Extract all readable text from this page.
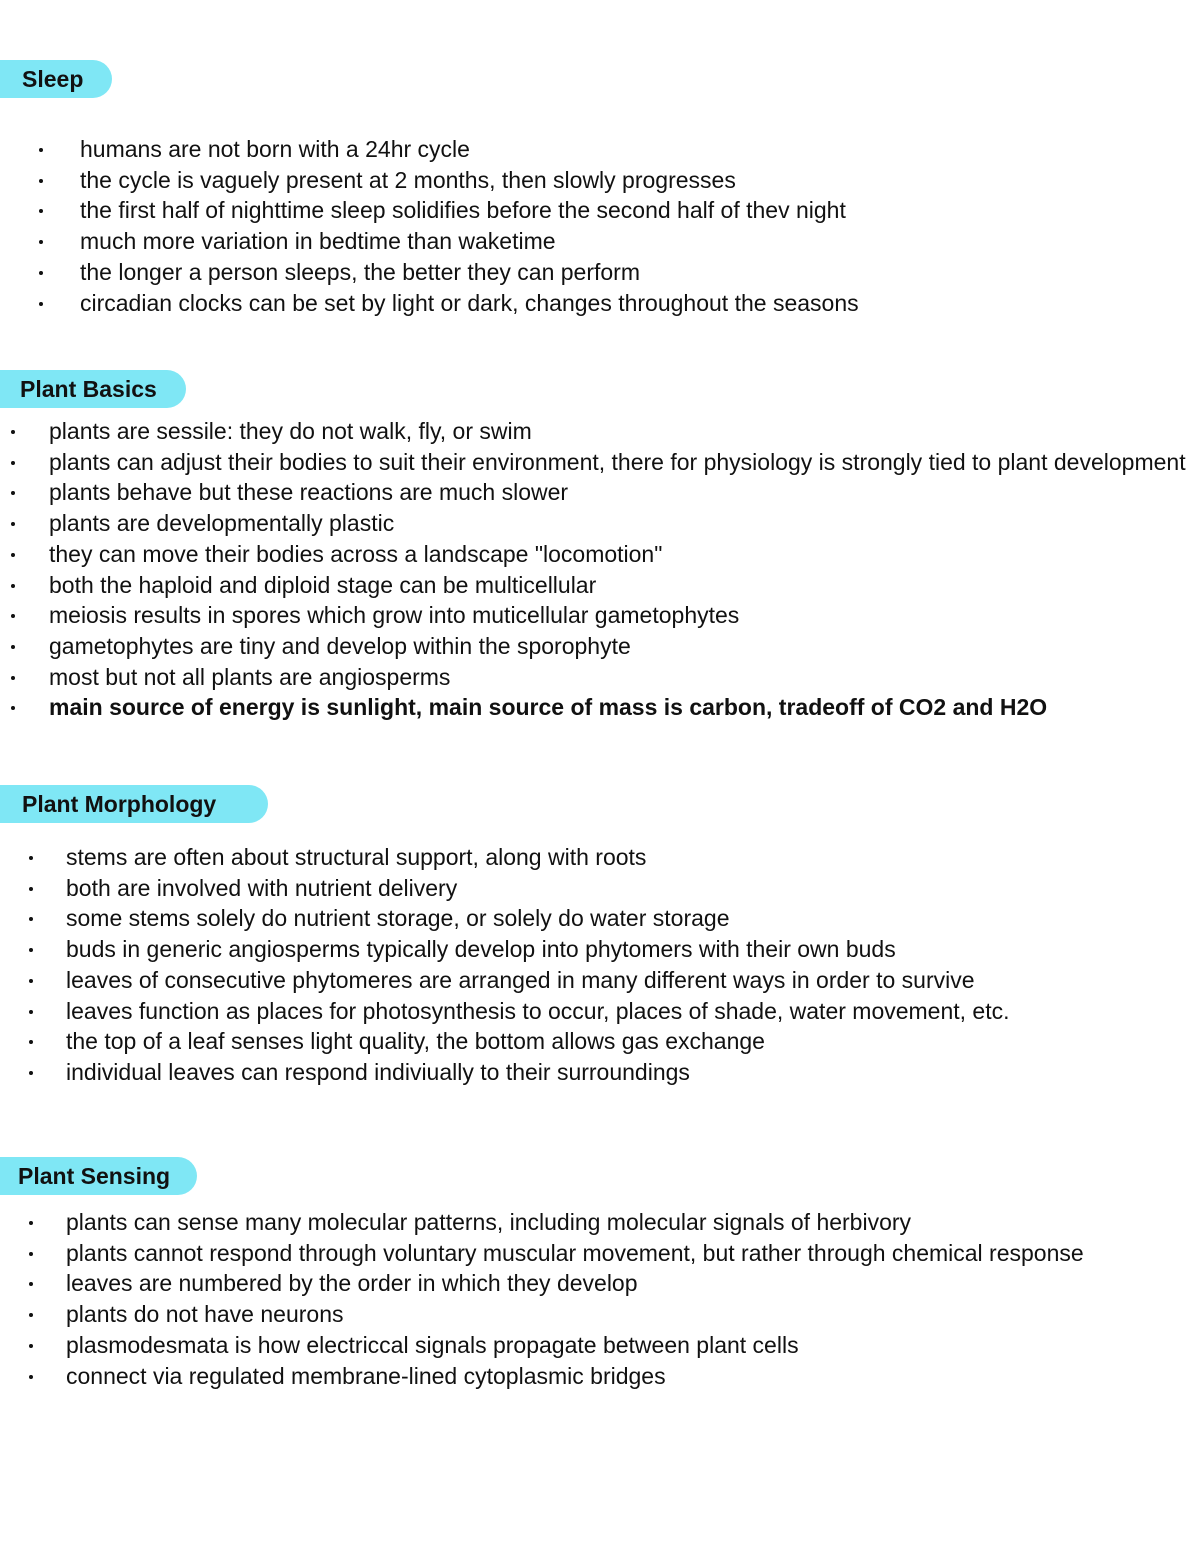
Sleep
humans are not born with a 24hr cycle
the cycle is vaguely present at 2 months, then slowly progresses
the first half of nighttime sleep solidifies before the second half of thev night
much more variation in bedtime than waketime
the longer a person sleeps, the better they can perform
circadian clocks can be set by light or dark, changes throughout the seasons
Plant Basics
plants are sessile: they do not walk, fly, or swim
plants can adjust their bodies to suit their environment, there for physiology is strongly tied to plant development
plants behave but these reactions are much slower
plants are developmentally plastic
they can move their bodies across a landscape "locomotion"
both the haploid and diploid stage can be multicellular
meiosis results in spores which grow into muticellular gametophytes
gametophytes are tiny and develop within the sporophyte
most but not all plants are angiosperms
main source of energy is sunlight, main source of mass is carbon, tradeoff of CO2 and H2O
Plant Morphology
stems are often about structural support, along with roots
both are involved with nutrient delivery
some stems solely do nutrient storage, or solely do water storage
buds in generic angiosperms typically develop into phytomers with their own buds
leaves of consecutive phytomeres are arranged in many different ways in order to survive
leaves function as places for photosynthesis to occur, places of shade, water movement, etc.
the top of a leaf senses light quality, the bottom allows gas exchange
individual leaves can respond indiviually to their surroundings
Plant Sensing
plants can sense many molecular patterns, including molecular signals of herbivory
plants cannot respond through voluntary muscular movement, but rather through chemical response
leaves are numbered by the order in which they develop
plants do not have neurons
plasmodesmata is how electriccal signals propagate between plant cells
connect via regulated membrane-lined cytoplasmic bridges
